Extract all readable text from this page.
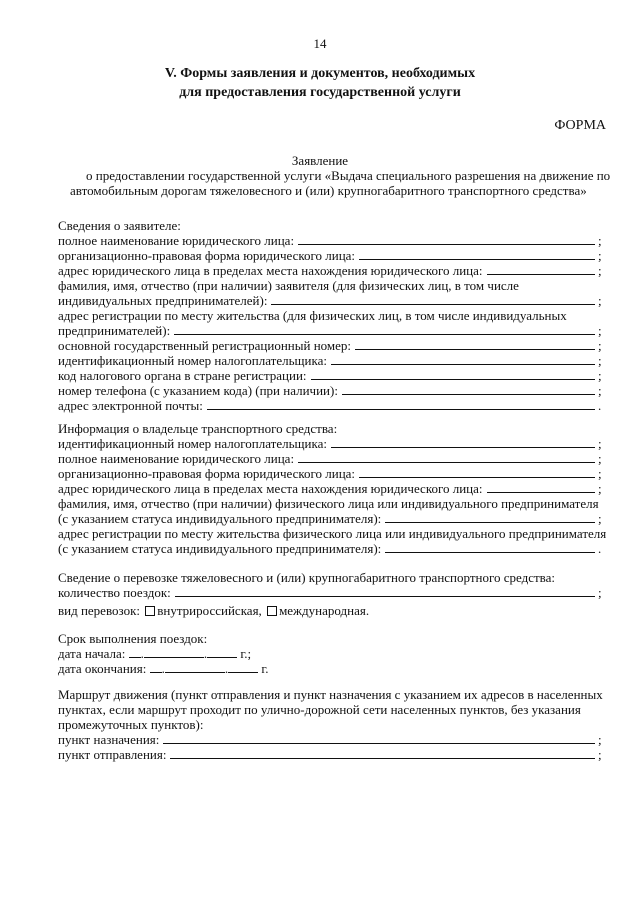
14
V. Формы заявления и документов, необходимых
для предоставления государственной услуги
ФОРМА
Заявление
о предоставлении государственной услуги «Выдача специального разрешения на движение по автомобильным дорогам тяжеловесного и (или) крупногабаритного транспортного средства»
Сведения о заявителе:
полное наименование юридического лица:	;
организационно-правовая форма юридического лица:	;
адрес юридического лица в пределах места нахождения юридического лица:	;
фамилия, имя, отчество (при наличии) заявителя (для физических лиц, в том числе
индивидуальных предпринимателей):	;
адрес регистрации по месту жительства (для физических лиц, в том числе индивидуальных
предпринимателей):	;
основной государственный регистрационный номер:	;
идентификационный номер налогоплательщика:	;
код налогового органа в стране регистрации:	;
номер телефона (с указанием кода) (при наличии):	;
адрес электронной почты:	.
Информация о владельце транспортного средства:
идентификационный номер налогоплательщика:	;
полное наименование юридического лица:	;
организационно-правовая форма юридического лица:	;
адрес юридического лица в пределах места нахождения юридического лица:	;
фамилия, имя, отчество (при наличии) физического лица или индивидуального предпринимателя
(с указанием статуса индивидуального предпринимателя):	;
адрес регистрации по месту жительства физического лица или индивидуального предпринимателя
(с указанием статуса индивидуального предпринимателя):	.
Сведение о перевозке тяжеловесного и (или) крупногабаритного транспортного средства:
количество поездок:	;
вид перевозок: внутрироссийская, международная.
Срок выполнения поездок:
дата начала: .	.	г.;
дата окончания: .	.	г.
Маршрут движения (пункт отправления и пункт назначения с указанием их адресов в населенных
пунктах, если маршрут проходит по улично-дорожной сети населенных пунктов, без указания
промежуточных пунктов):
пункт назначения:	;
пункт отправления:	;
